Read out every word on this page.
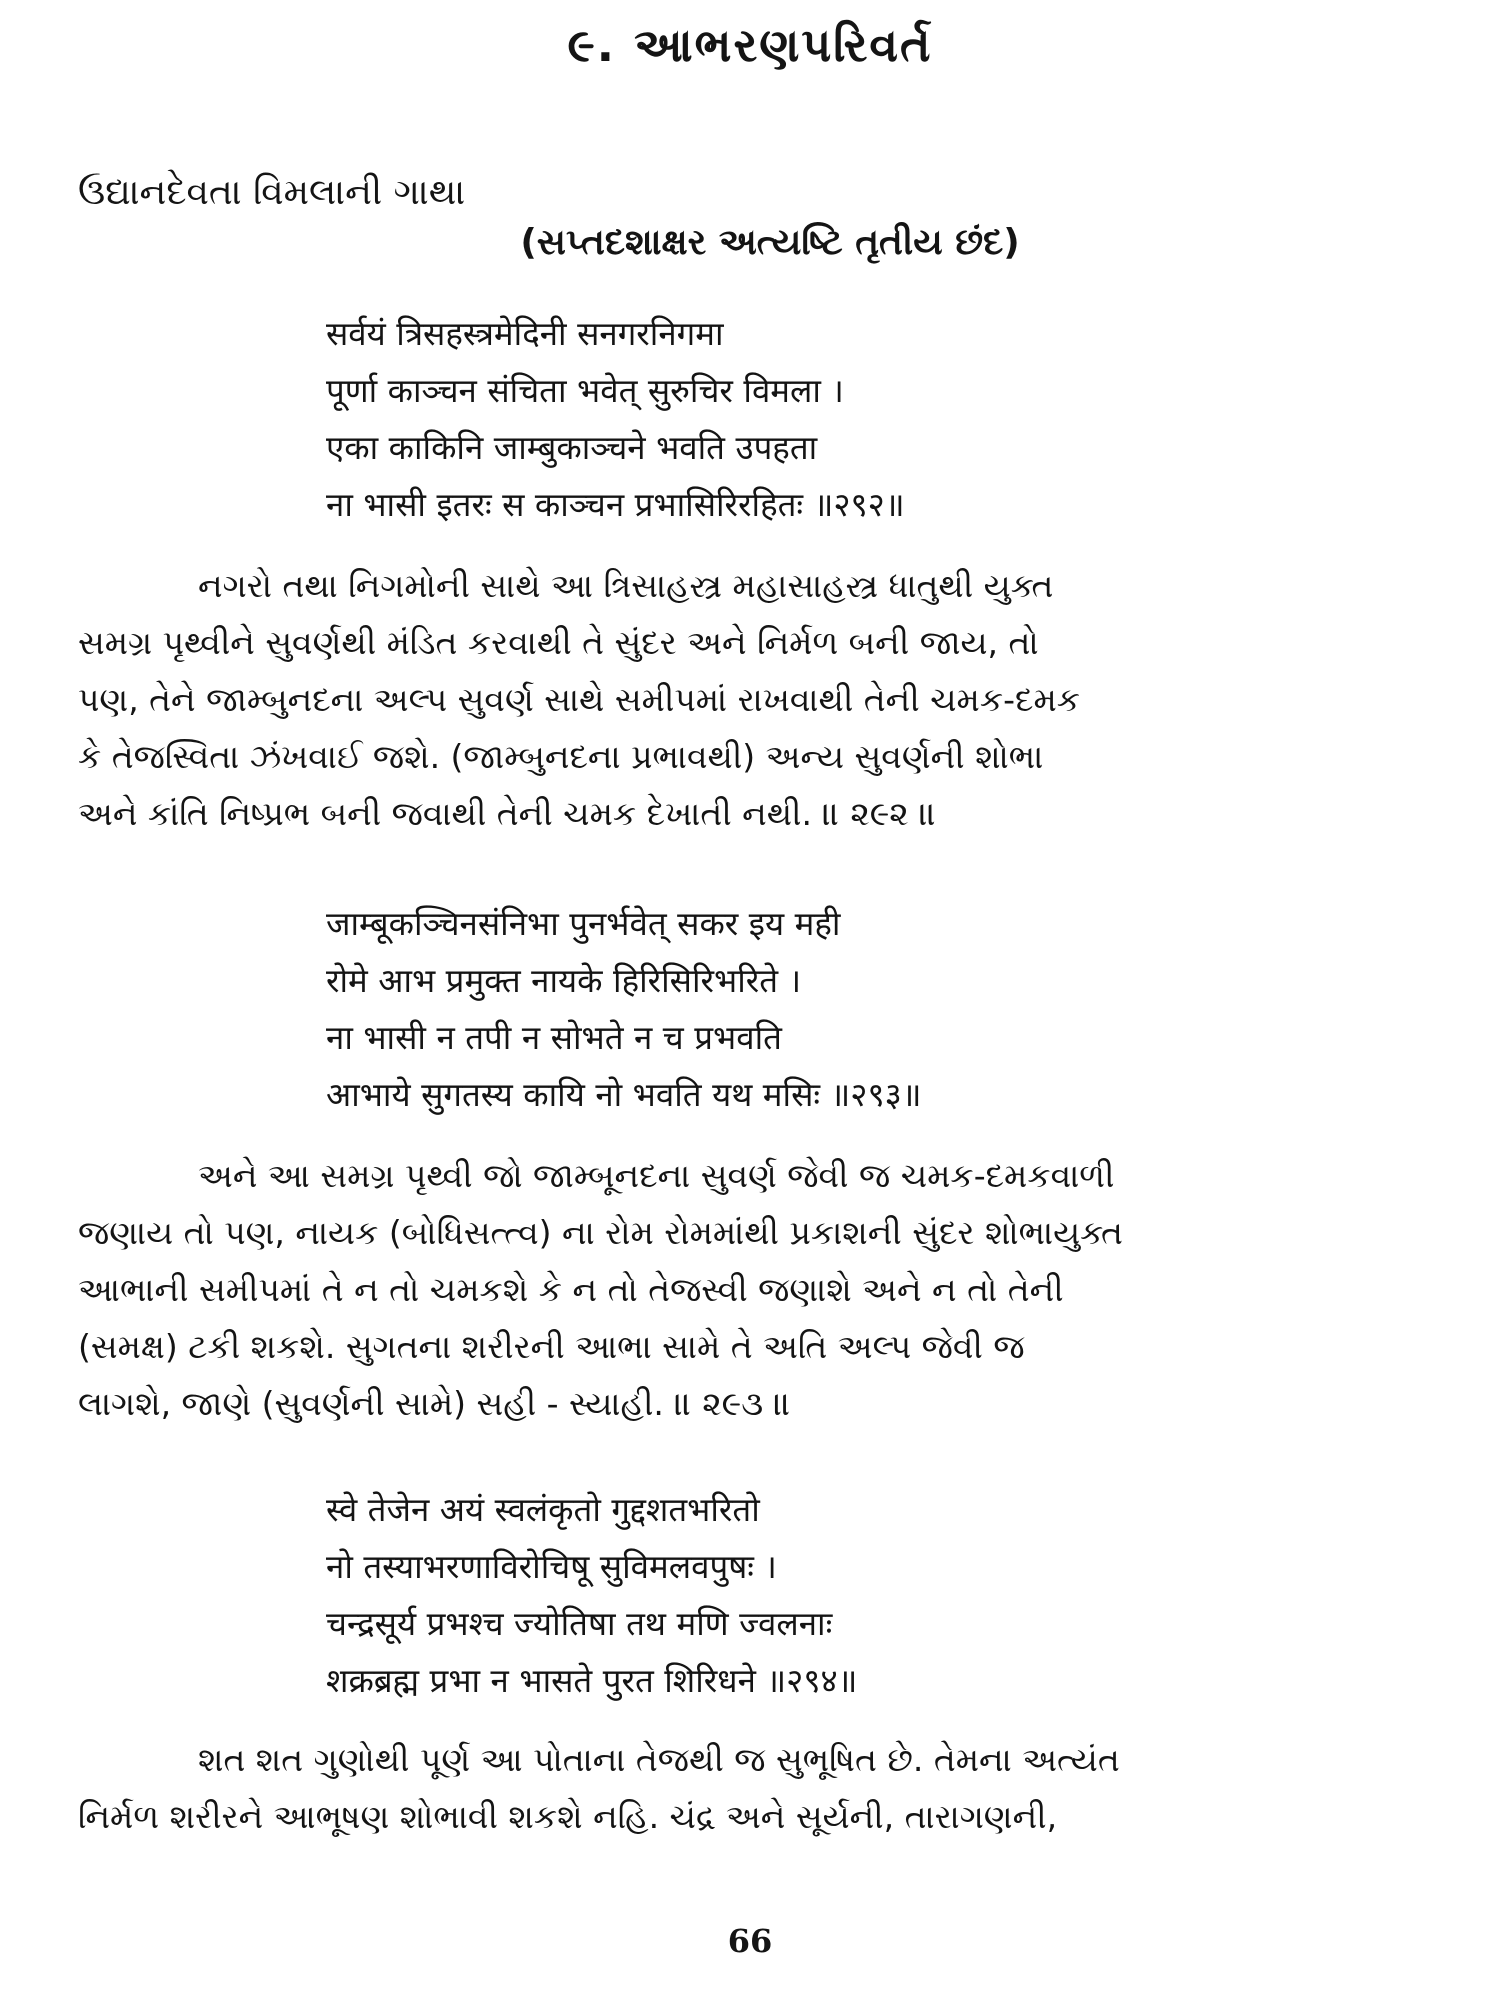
૯. આભરણપરિવર્ત
ઉદ્યાનદેવતા વિમલાની ગાથા
(સપ્તદશાક્ષર અત્યષ્ટિ તૃતીય છંદ)

सर्वयं त्रिसहस्त्रमेदिनी सनगरनिगमा

पूर्णा काञ्चन संचिता भवेत् सुरुचिर विमला ।

एका काकिनि जाम्बुकाञ्चने भवति उपहता

ना भासी इतरः स काञ्चन प्रभासिरिरहितः ॥२९२॥

નગરો તથા નિગમોની સાથે આ ત્રિસાહસ્ત્ર મહાસાહસ્ત્ર ધાતુથી યુક્ત

સમગ્ર પૃથ્વીને સુવર્ણથી મંડિત કરવાથી તે સુંદર અને નિર્મળ બની જાય, તો

પણ, તેને જામ્બુનદના અલ્પ સુવર્ણ સાથે સમીપમાં રાખવાથી તેની ચમક-દમક

કે તેજસ્વિતા ઝંખવાઈ જશે. (જામ્બુનદના પ્રભાવથી) અન્ય સુવર્ણની શોભા

અને કાંતિ નિષ્પ્રભ બની જવાથી તેની ચમક દેખાતી નથી. ॥ ૨૯૨ ॥

जाम्बूकञ्चिनसंनिभा पुनर्भवेत् सकर इय मही

रोमे आभ प्रमुक्त नायके हिरिसिरिभरिते ।

ना भासी न तपी न सोभते न च प्रभवति

आभाये सुगतस्य कायि नो भवति यथ मसिः ॥२९३॥

અને આ સમગ્ર પૃથ્વી જો જામ્બૂનદના સુવર્ણ જેવી જ ચમક-દમકવાળી

જણાય તો પણ, નાયક (બોધિસત્ત્વ) ના રોમ રોમમાંથી પ્રકાશની સુંદર શોભાયુક્ત

આભાની સમીપમાં તે ન તો ચમકશે કે ન તો તેજસ્વી જણાશે અને ન તો તેની

(સમક્ષ) ટકી શકશે. સુગતના શરીરની આભા સામે તે અતિ અલ્પ જેવી જ

લાગશે, જાણે (સુવર્ણની સામે) સહી - સ્યાહી. ॥ ૨૯૩ ॥

स्वे तेजेन अयं स्वलंकृतो गुद्दशतभरितो

नो तस्याभरणाविरोचिषू सुविमलवपुषः ।

चन्द्रसूर्य प्रभश्च ज्योतिषा तथ मणि ज्वलनाः

शक्रब्रह्म प्रभा न भासते पुरत शिरिधने ॥२९४॥

શત શત ગુણોથી પૂર્ણ આ પોતાના તેજથી જ સુભૂષિત છે. તેમના અત્યંત

નિર્મળ શરીરને આભૂષણ શોભાવી શકશે નહિ. ચંદ્ર અને સૂર્યની, તારાગણની,

66
